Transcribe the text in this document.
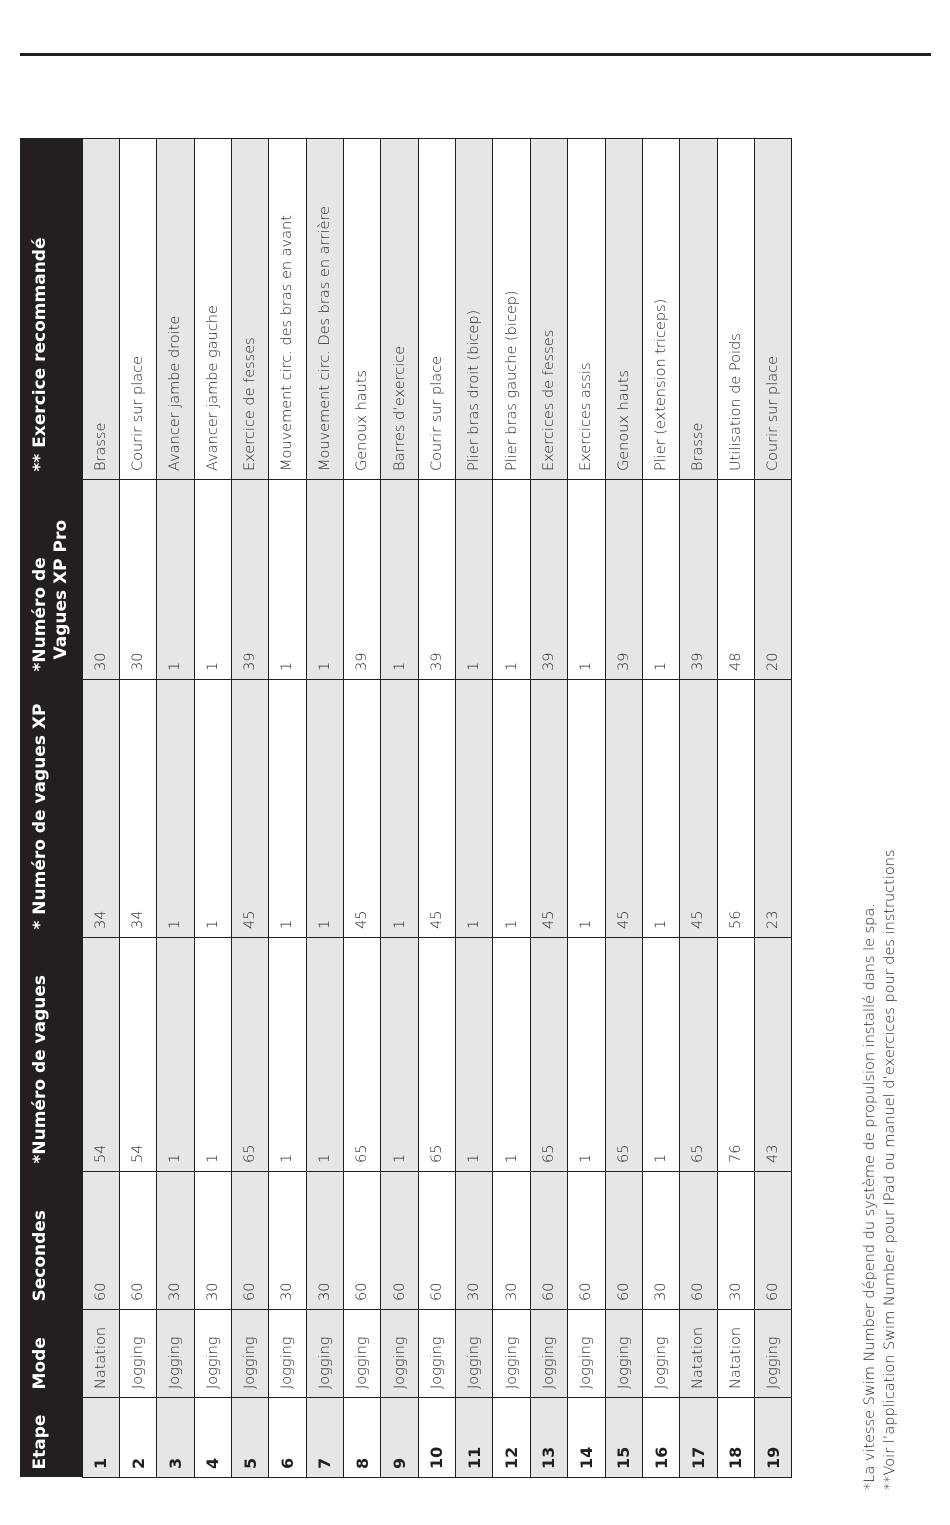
Etape	Mode	Secondes	*Numéro de vagues	* Numéro de vagues XP	*Numéro de
Vagues XP Pro	** Exercice recommandé
1	Natation	60	54	34	30	Brasse
2	Jogging	60	54	34	30	Courir sur place
3	Jogging	30	1	1	1	Avancer jambe droite
4	Jogging	30	1	1	1	Avancer jambe gauche
5	Jogging	60	65	45	39	Exercice de fesses
6	Jogging	30	1	1	1	Mouvement circ. des bras en avant
7	Jogging	30	1	1	1	Mouvement circ. Des bras en arrière
8	Jogging	60	65	45	39	Genoux hauts
9	Jogging	60	1	1	1	Barres d’exercice
10	Jogging	60	65	45	39	Courir sur place
11	Jogging	30	1	1	1	Plier bras droit (bicep)
12	Jogging	30	1	1	1	Plier bras gauche (bicep)
13	Jogging	60	65	45	39	Exercices de fesses
14	Jogging	60	1	1	1	Exercices assis
15	Jogging	60	65	45	39	Genoux hauts
16	Jogging	30	1	1	1	Plier (extension triceps)
17	Natation	60	65	45	39	Brasse
18	Natation	30	76	56	48	Utilisation de Poids
19	Jogging	60	43	23	20	Courir sur place

*La vitesse Swim Number dépend du système de propulsion installé dans le spa. **Voir l’application Swim Number pour IPad ou manuel d’exercices pour des instructions
